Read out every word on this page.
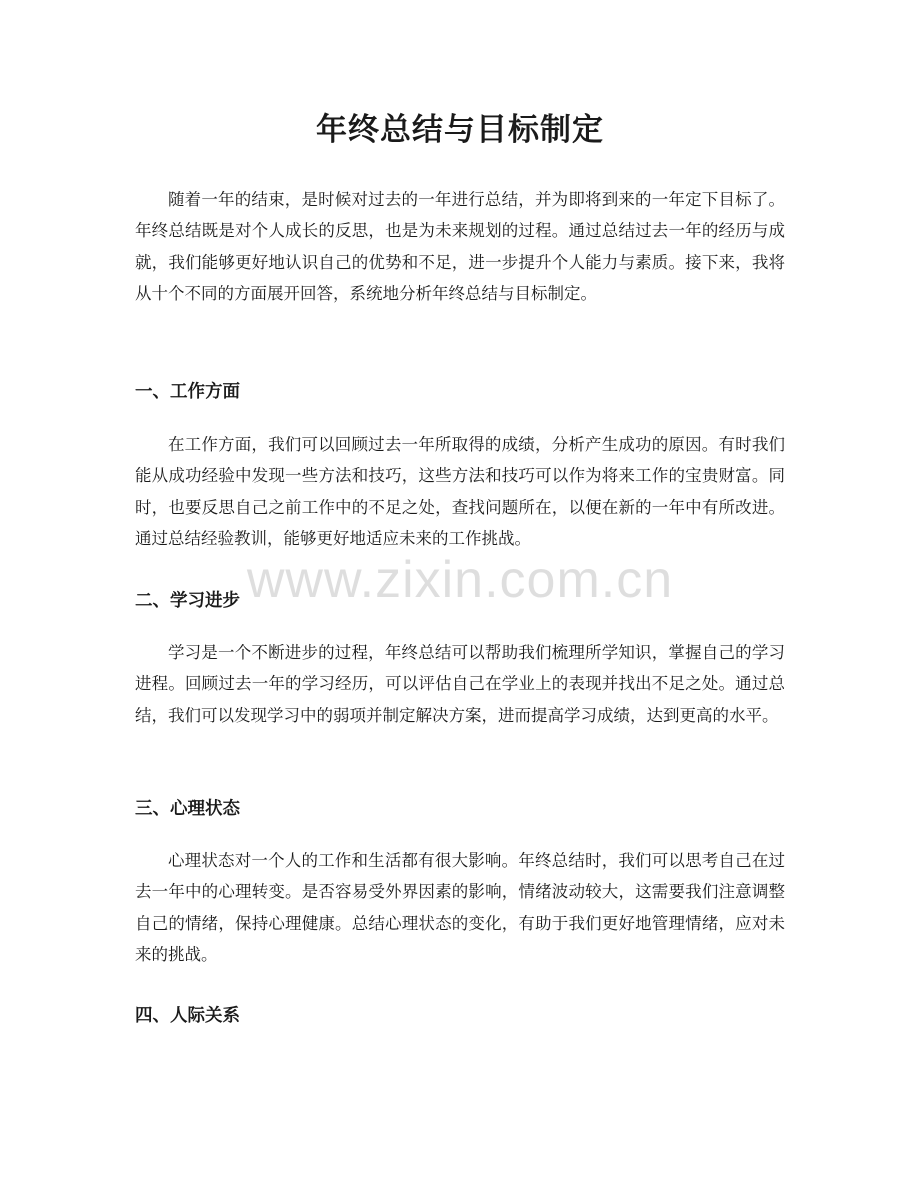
年终总结与目标制定

随着一年的结束，是时候对过去的一年进行总结，并为即将到来的一年定下目标了。年终总结既是对个人成长的反思，也是为未来规划的过程。通过总结过去一年的经历与成就，我们能够更好地认识自己的优势和不足，进一步提升个人能力与素质。接下来，我将从十个不同的方面展开回答，系统地分析年终总结与目标制定。

一、工作方面

在工作方面，我们可以回顾过去一年所取得的成绩，分析产生成功的原因。有时我们能从成功经验中发现一些方法和技巧，这些方法和技巧可以作为将来工作的宝贵财富。同时，也要反思自己之前工作中的不足之处，查找问题所在，以便在新的一年中有所改进。通过总结经验教训，能够更好地适应未来的工作挑战。

二、学习进步

学习是一个不断进步的过程，年终总结可以帮助我们梳理所学知识，掌握自己的学习进程。回顾过去一年的学习经历，可以评估自己在学业上的表现并找出不足之处。通过总结，我们可以发现学习中的弱项并制定解决方案，进而提高学习成绩，达到更高的水平。

三、心理状态

心理状态对一个人的工作和生活都有很大影响。年终总结时，我们可以思考自己在过去一年中的心理转变。是否容易受外界因素的影响，情绪波动较大，这需要我们注意调整自己的情绪，保持心理健康。总结心理状态的变化，有助于我们更好地管理情绪，应对未来的挑战。

四、人际关系
www.zixin.com.cn
